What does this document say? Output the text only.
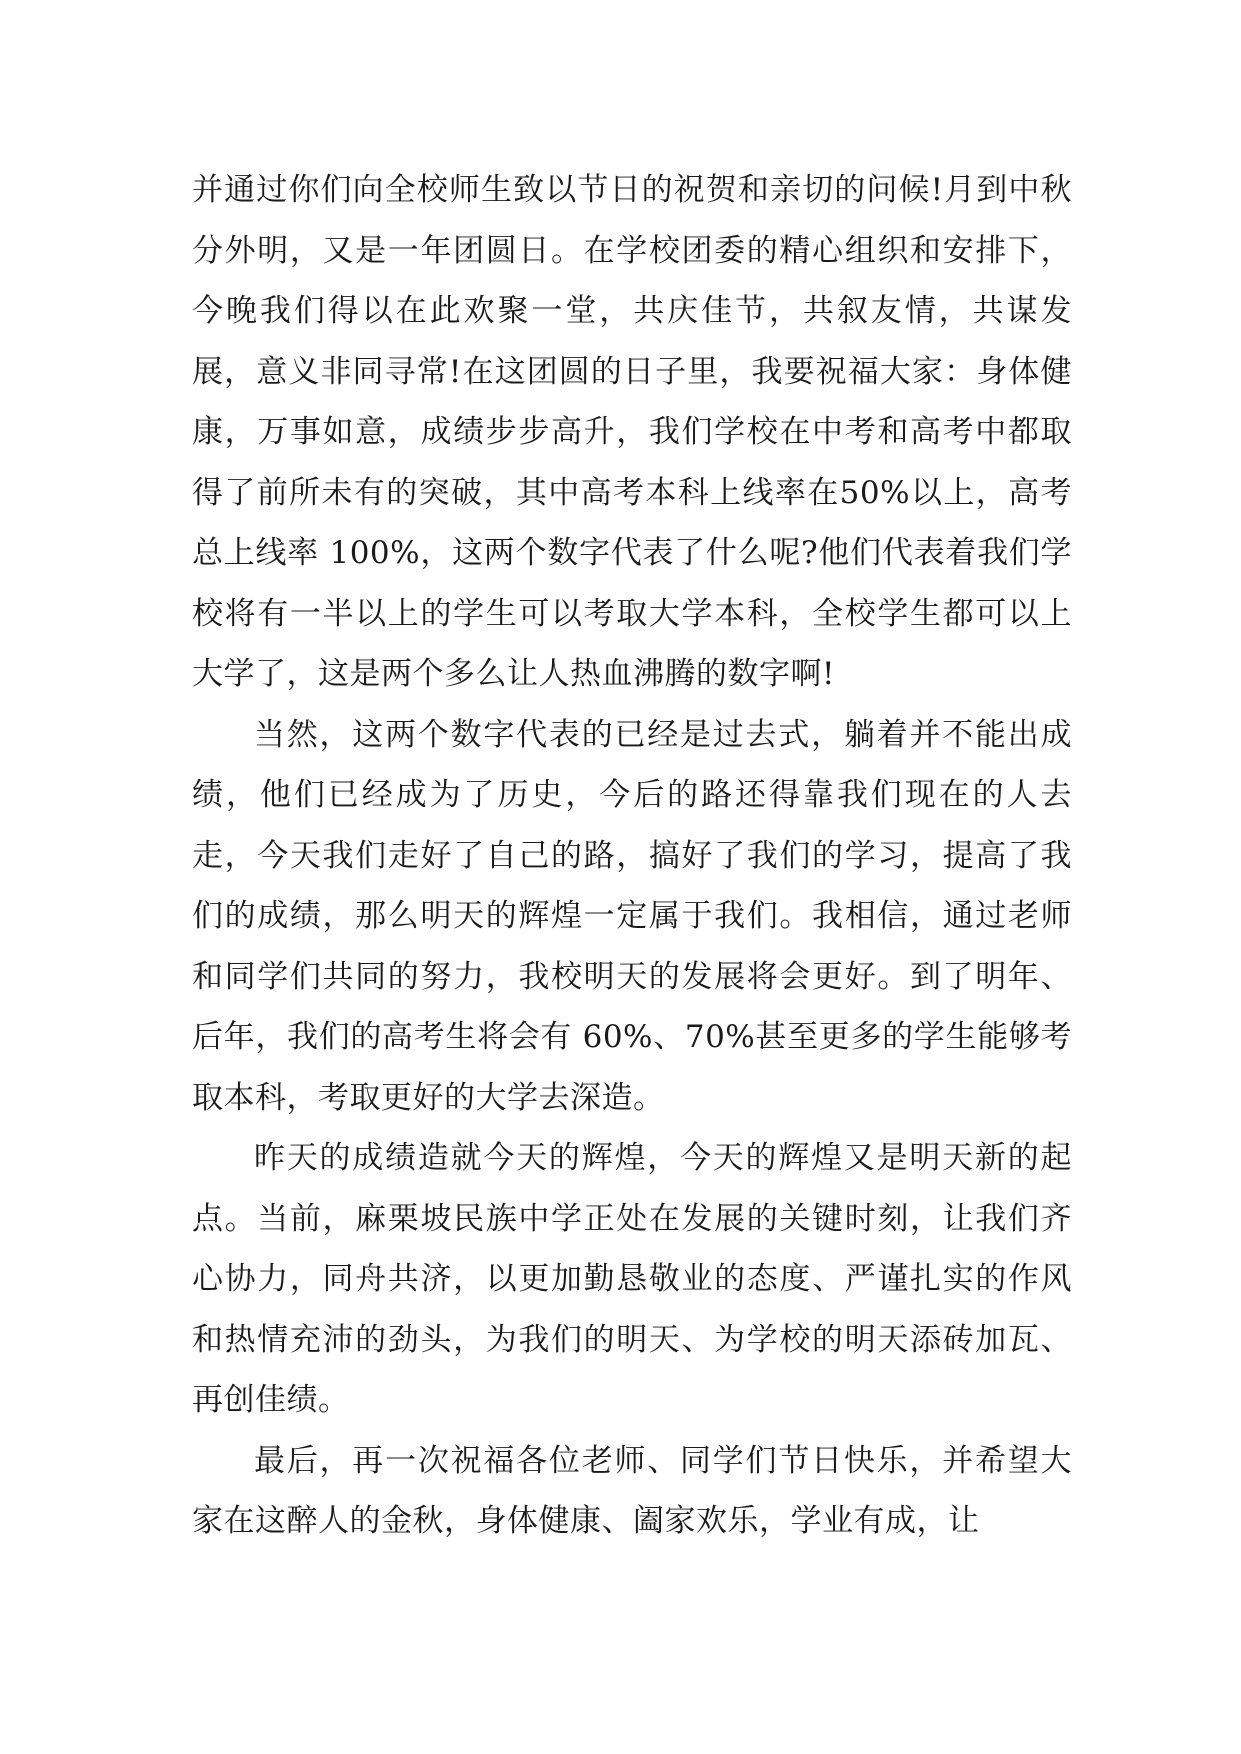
并通过你们向全校师生致以节日的祝贺和亲切的问候!月到中秋分外明，又是一年团圆日。在学校团委的精心组织和安排下，今晚我们得以在此欢聚一堂，共庆佳节，共叙友情，共谋发展，意义非同寻常!在这团圆的日子里，我要祝福大家：身体健康，万事如意，成绩步步高升，我们学校在中考和高考中都取得了前所未有的突破，其中高考本科上线率在50%以上，高考总上线率 100%，这两个数字代表了什么呢?他们代表着我们学校将有一半以上的学生可以考取大学本科，全校学生都可以上大学了，这是两个多么让人热血沸腾的数字啊!

当然，这两个数字代表的已经是过去式，躺着并不能出成绩，他们已经成为了历史，今后的路还得靠我们现在的人去走，今天我们走好了自己的路，搞好了我们的学习，提高了我们的成绩，那么明天的辉煌一定属于我们。我相信，通过老师和同学们共同的努力，我校明天的发展将会更好。到了明年、后年，我们的高考生将会有 60%、70%甚至更多的学生能够考取本科，考取更好的大学去深造。

昨天的成绩造就今天的辉煌，今天的辉煌又是明天新的起点。当前，麻栗坡民族中学正处在发展的关键时刻，让我们齐心协力，同舟共济，以更加勤恳敬业的态度、严谨扎实的作风和热情充沛的劲头，为我们的明天、为学校的明天添砖加瓦、再创佳绩。

最后，再一次祝福各位老师、同学们节日快乐，并希望大家在这醉人的金秋，身体健康、阖家欢乐，学业有成，让
